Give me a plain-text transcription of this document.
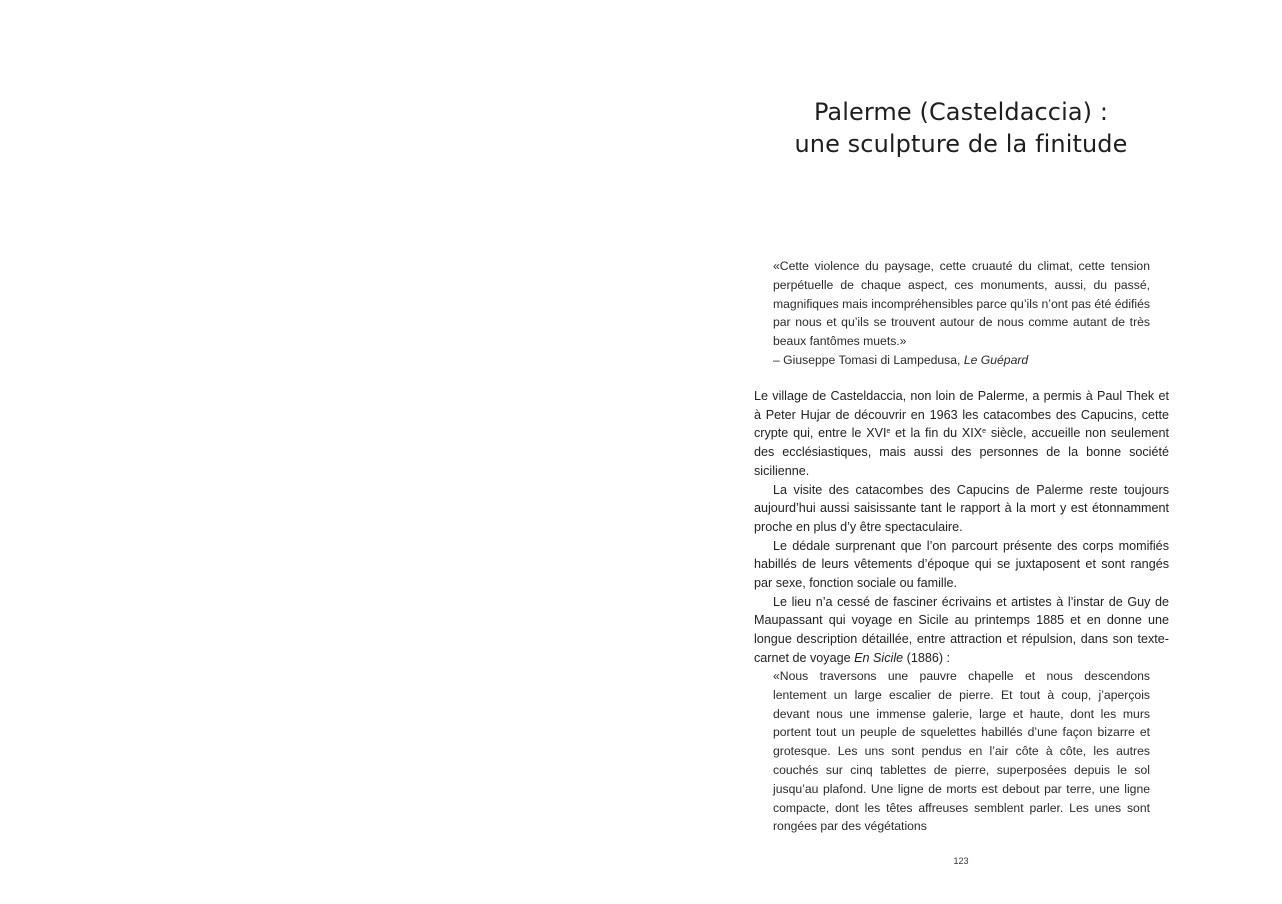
Palerme (Casteldaccia) :
une sculpture de la finitude

«Cette violence du paysage, cette cruauté du climat, cette tension perpétuelle de chaque aspect, ces monuments, aussi, du passé, magnifiques mais incompréhensibles parce qu’ils n’ont pas été édifiés par nous et qu’ils se trouvent autour de nous comme autant de très beaux fantômes muets.»

– Giuseppe Tomasi di Lampedusa, Le Guépard

Le village de Casteldaccia, non loin de Palerme, a permis à Paul Thek et à Peter Hujar de découvrir en 1963 les catacombes des Capucins, cette crypte qui, entre le XVIe et la fin du XIXe siècle, accueille non seulement des ecclésiastiques, mais aussi des personnes de la bonne société sicilienne.

La visite des catacombes des Capucins de Palerme reste toujours aujourd’hui aussi saisissante tant le rapport à la mort y est étonnamment proche en plus d’y être spectaculaire.

Le dédale surprenant que l’on parcourt présente des corps momifiés habillés de leurs vêtements d’époque qui se juxtaposent et sont rangés par sexe, fonction sociale ou famille.

Le lieu n’a cessé de fasciner écrivains et artistes à l’instar de Guy de Maupassant qui voyage en Sicile au printemps 1885 et en donne une longue description détaillée, entre attraction et répulsion, dans son texte-carnet de voyage En Sicile (1886) :

«Nous traversons une pauvre chapelle et nous descendons lentement un large escalier de pierre. Et tout à coup, j’aperçois devant nous une immense galerie, large et haute, dont les murs portent tout un peuple de squelettes habillés d’une façon bizarre et grotesque. Les uns sont pendus en l’air côte à côte, les autres couchés sur cinq tablettes de pierre, superposées depuis le sol jusqu’au plafond. Une ligne de morts est debout par terre, une ligne compacte, dont les têtes affreuses semblent parler. Les unes sont rongées par des végétations

123
